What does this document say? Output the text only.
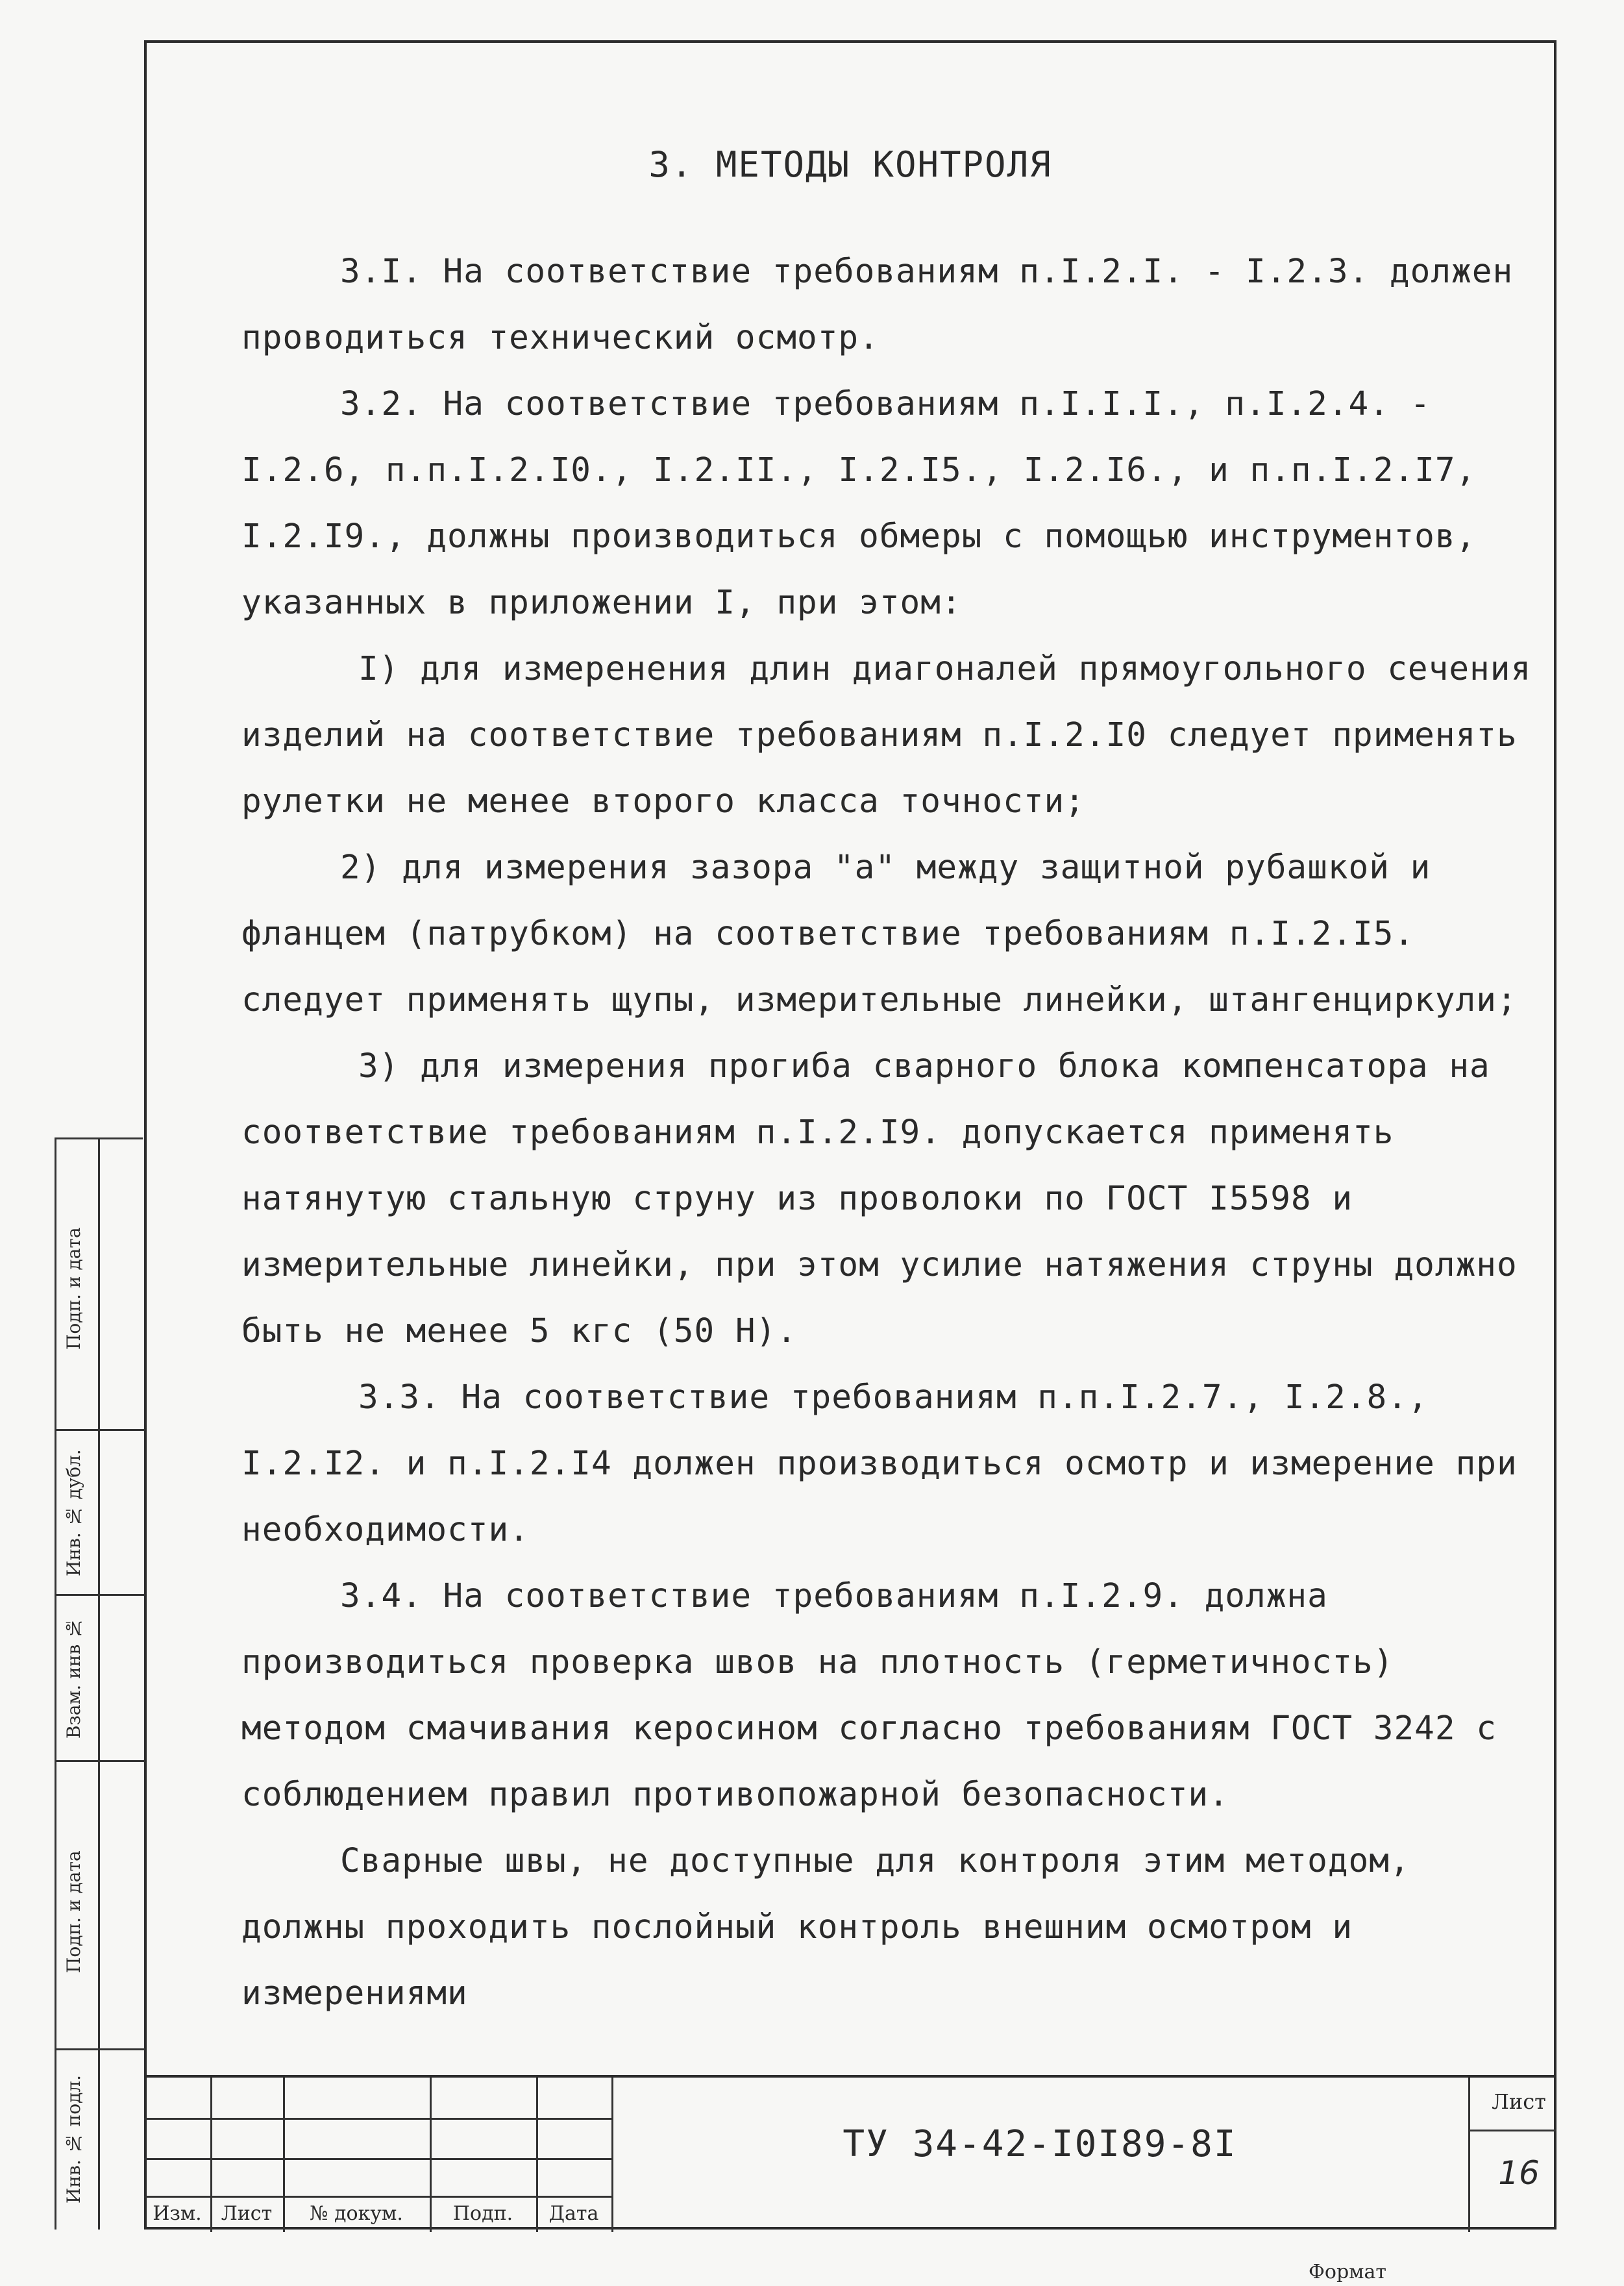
3. МЕТОДЫ КОНТРОЛЯ

3.I. На соответствие требованиям п.I.2.I. - I.2.3. должен проводиться технический осмотр.

3.2. На соответствие требованиям п.I.I.I., п.I.2.4. - I.2.6, п.п.I.2.I0., I.2.II., I.2.I5., I.2.I6., и п.п.I.2.I7, I.2.I9., должны производиться обмеры с помощью инструментов, указанных в приложении I, при этом:

I) для измеренения длин диагоналей прямоугольного сечения изделий на соответствие требованиям п.I.2.I0 следует применять рулетки не менее второго класса точности;

2) для измерения зазора "а" между защитной рубашкой и фланцем (патрубком) на соответствие требованиям п.I.2.I5. следует применять щупы, измерительные линейки, штангенциркули;

3) для измерения прогиба сварного блока компенсатора на соответствие требованиям п.I.2.I9. допускается применять натянутую стальную струну из проволоки по ГОСТ I5598 и измерительные линейки, при этом усилие натяжения струны должно быть не менее 5 кгс (50 Н).

3.3. На соответствие требованиям п.п.I.2.7., I.2.8., I.2.I2. и п.I.2.I4 должен производиться осмотр и измерение при необходимости.

3.4. На соответствие требованиям п.I.2.9. должна производиться проверка швов на плотность (герметичность) методом смачивания керосином согласно требованиям ГОСТ 3242 с соблюдением правил противопожарной безопасности.

Сварные швы, не доступные для контроля этим методом, должны проходить послойный контроль внешним осмотром и измерениями

Подп. и дата
Инв. № дубл.
Взам. инв №
Подп. и дата
Инв. № подл.
Изм.	Лист	№ докум.	Подп.	Дата
ТУ 34-42-I0I89-8I
Лист
16
Формат
